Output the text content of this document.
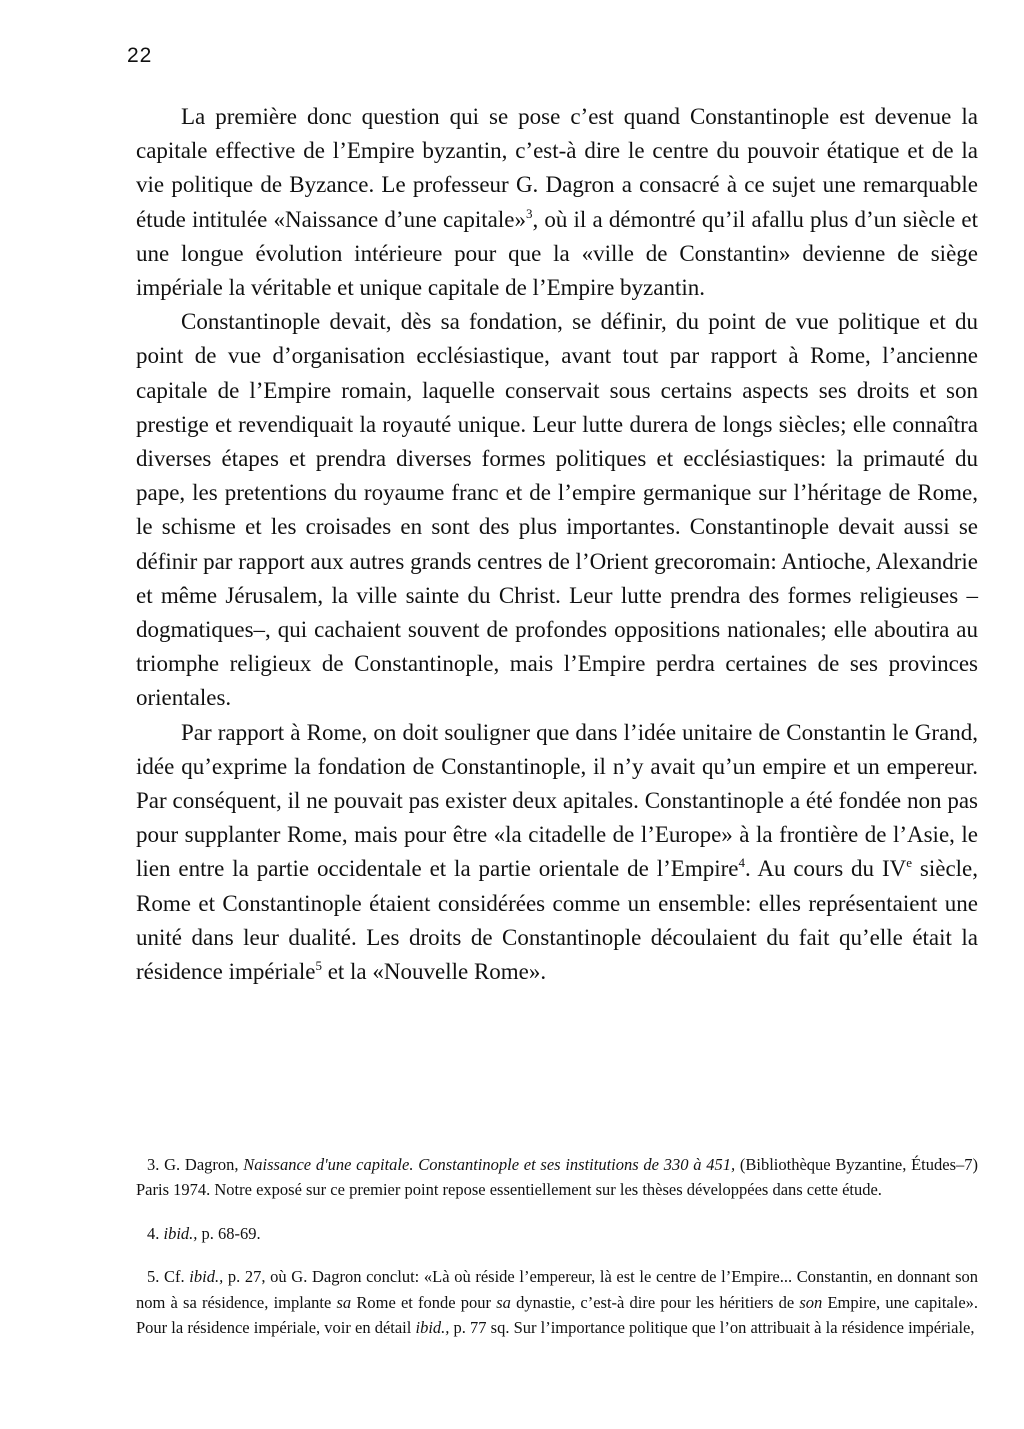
22

La première donc question qui se pose c’est quand Constantinople est devenue la capitale effective de l’Empire byzantin, c’est-à dire le centre du pouvoir étatique et de la vie politique de Byzance. Le professeur G. Dagron a consacré à ce sujet une remarquable étude intitulée «Naissance d’une capitale»$^3$, où il a démontré qu’il afallu plus d’un siècle et une longue évolution intérieure pour que la «ville de Constantin» devienne de siège impériale la véritable et unique capitale de l’Empire byzantin.

Constantinople devait, dès sa fondation, se définir, du point de vue politique et du point de vue d’organisation ecclésiastique, avant tout par rapport à Rome, l’ancienne capitale de l’Empire romain, laquelle conservait sous certains aspects ses droits et son prestige et revendiquait la royauté unique. Leur lutte durera de longs siècles; elle connaîtra diverses étapes et prendra diverses formes politiques et ecclésiastiques: la primauté du pape, les pretentions du royaume franc et de l’empire germanique sur l’héritage de Rome, le schisme et les croisades en sont des plus importantes. Constantinople devait aussi se définir par rapport aux autres grands centres de l’Orient grecoromain: Antioche, Alexandrie et même Jérusalem, la ville sainte du Christ. Leur lutte prendra des formes religieuses –dogmatiques–, qui cachaient souvent de profondes oppositions nationales; elle aboutira au triomphe religieux de Constantinople, mais l’Empire perdra certaines de ses provinces orientales.

Par rapport à Rome, on doit souligner que dans l’idée unitaire de Constantin le Grand, idée qu’exprime la fondation de Constantinople, il n’y avait qu’un empire et un empereur. Par conséquent, il ne pouvait pas exister deux apitales. Constantinople a été fondée non pas pour supplanter Rome, mais pour être «la citadelle de l’Europe» à la frontière de l’Asie, le lien entre la partie occidentale et la partie orientale de l’Empire$^4$. Au cours du IVe siècle, Rome et Constantinople étaient considérées comme un ensemble: elles représentaient une unité dans leur dualité. Les droits de Constantinople découlaient du fait qu’elle était la résidence impériale$^5$ et la «Nouvelle Rome».

3. G. Dagron, Naissance d'une capitale. Constantinople et ses institutions de 330 à 451, (Bibliothèque Byzantine, Études–7) Paris 1974. Notre exposé sur ce premier point repose essentiellement sur les thèses développées dans cette étude.

4. ibid., p. 68-69.

5. Cf. ibid., p. 27, où G. Dagron conclut: «Là où réside l’empereur, là est le centre de l’Empire... Constantin, en donnant son nom à sa résidence, implante sa Rome et fonde pour sa dynastie, c’est-à dire pour les héritiers de son Empire, une capitale». Pour la résidence impériale, voir en détail ibid., p. 77 sq. Sur l’importance politique que l’on attribuait à la résidence impériale,
